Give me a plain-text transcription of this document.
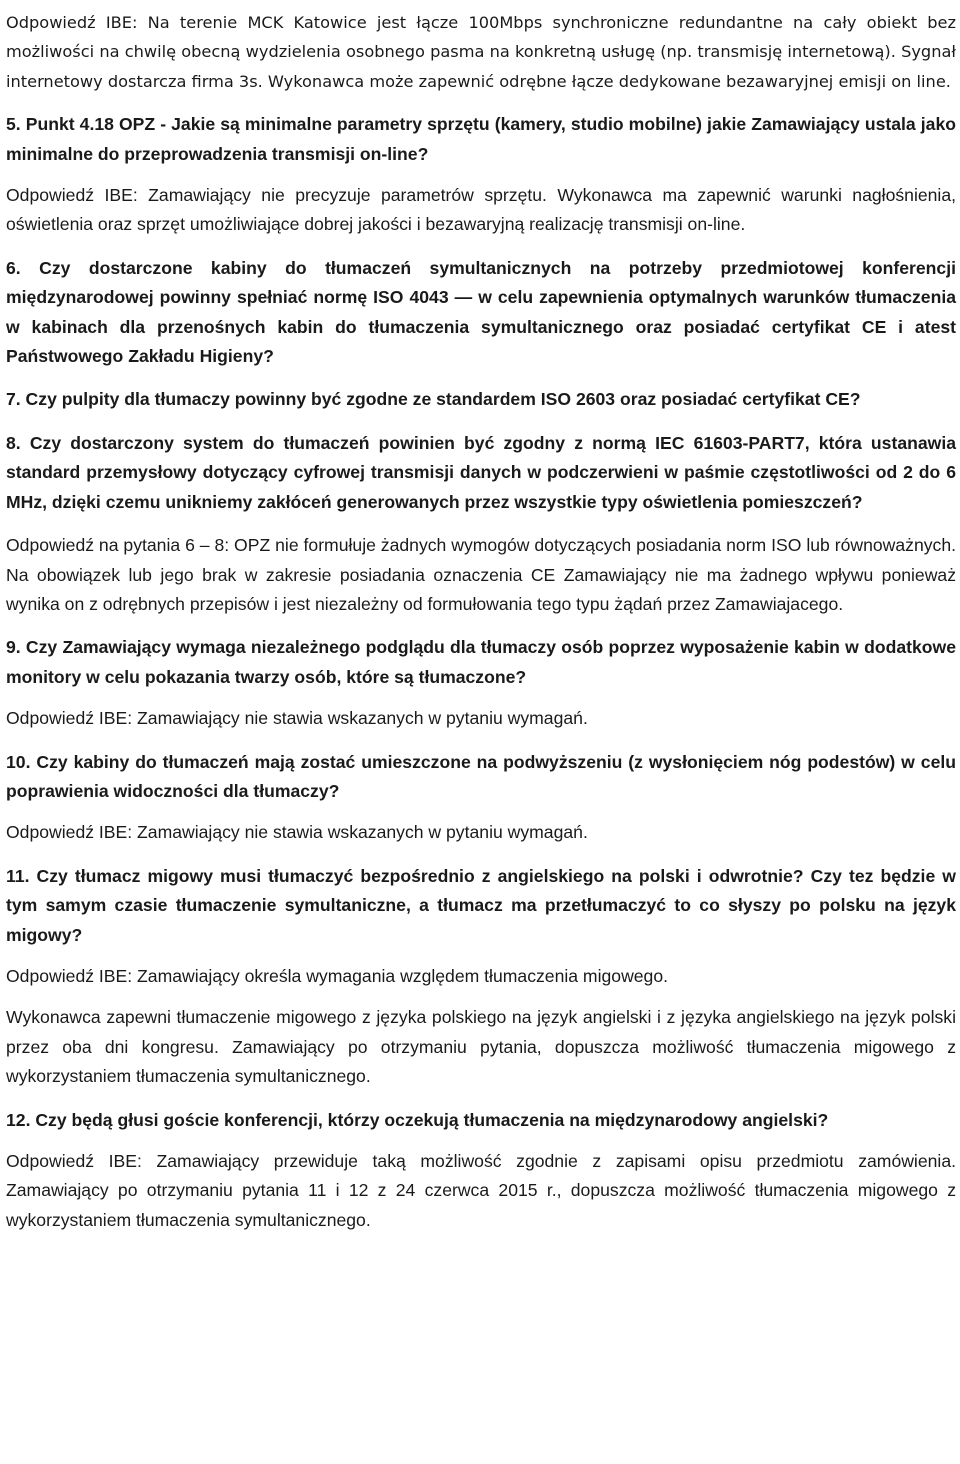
Odpowiedź IBE: Na terenie MCK Katowice jest łącze 100Mbps synchroniczne redundantne na cały obiekt bez możliwości na chwilę obecną wydzielenia osobnego pasma na konkretną usługę (np. transmisję internetową). Sygnał internetowy dostarcza firma 3s. Wykonawca może zapewnić odrębne łącze dedykowane bezawaryjnej emisji on line.

5. Punkt 4.18 OPZ - Jakie są minimalne parametry sprzętu (kamery, studio mobilne) jakie Zamawiający ustala jako minimalne do przeprowadzenia transmisji on-line?

Odpowiedź IBE: Zamawiający nie precyzuje parametrów sprzętu. Wykonawca ma zapewnić warunki nagłośnienia, oświetlenia oraz sprzęt umożliwiające dobrej jakości i bezawaryjną realizację transmisji on-line.

6. Czy dostarczone kabiny do tłumaczeń symultanicznych na potrzeby przedmiotowej konferencji międzynarodowej powinny spełniać normę ISO 4043 — w celu zapewnienia optymalnych warunków tłumaczenia w kabinach dla przenośnych kabin do tłumaczenia symultanicznego oraz posiadać certyfikat CE i atest Państwowego Zakładu Higieny?

7. Czy pulpity dla tłumaczy powinny być zgodne ze standardem ISO 2603 oraz posiadać certyfikat CE?

8. Czy dostarczony system do tłumaczeń powinien być zgodny z normą IEC 61603-PART7, która ustanawia standard przemysłowy dotyczący cyfrowej transmisji danych w podczerwieni w paśmie częstotliwości od 2 do 6 MHz, dzięki czemu unikniemy zakłóceń generowanych przez wszystkie typy oświetlenia pomieszczeń?

Odpowiedź na pytania 6 – 8: OPZ nie formułuje żadnych wymogów dotyczących posiadania norm ISO lub równoważnych. Na obowiązek lub jego brak w zakresie posiadania oznaczenia CE Zamawiający nie ma żadnego wpływu ponieważ wynika on z odrębnych przepisów i jest niezależny od formułowania tego typu żądań przez Zamawiajacego.

9. Czy Zamawiający wymaga niezależnego podglądu dla tłumaczy osób poprzez wyposażenie kabin w dodatkowe monitory w celu pokazania twarzy osób, które są tłumaczone?

Odpowiedź IBE: Zamawiający nie stawia wskazanych w pytaniu wymagań.

10. Czy kabiny do tłumaczeń mają zostać umieszczone na podwyższeniu (z wysłonięciem nóg podestów) w celu poprawienia widoczności dla tłumaczy?

Odpowiedź IBE: Zamawiający nie stawia wskazanych w pytaniu wymagań.

11. Czy tłumacz migowy musi tłumaczyć bezpośrednio z angielskiego na polski i odwrotnie? Czy tez będzie w tym samym czasie tłumaczenie symultaniczne, a tłumacz ma przetłumaczyć to co słyszy po polsku na język migowy?

Odpowiedź IBE: Zamawiający określa wymagania względem tłumaczenia migowego.

Wykonawca zapewni tłumaczenie migowego z języka polskiego na język angielski i z języka angielskiego na język polski przez oba dni kongresu. Zamawiający po otrzymaniu pytania, dopuszcza możliwość tłumaczenia migowego z wykorzystaniem tłumaczenia symultanicznego.

12. Czy będą głusi goście konferencji, którzy oczekują tłumaczenia na międzynarodowy angielski?

Odpowiedź IBE: Zamawiający przewiduje taką możliwość zgodnie z zapisami opisu przedmiotu zamówienia. Zamawiający po otrzymaniu pytania 11 i 12 z 24 czerwca 2015 r., dopuszcza możliwość tłumaczenia migowego z wykorzystaniem tłumaczenia symultanicznego.
